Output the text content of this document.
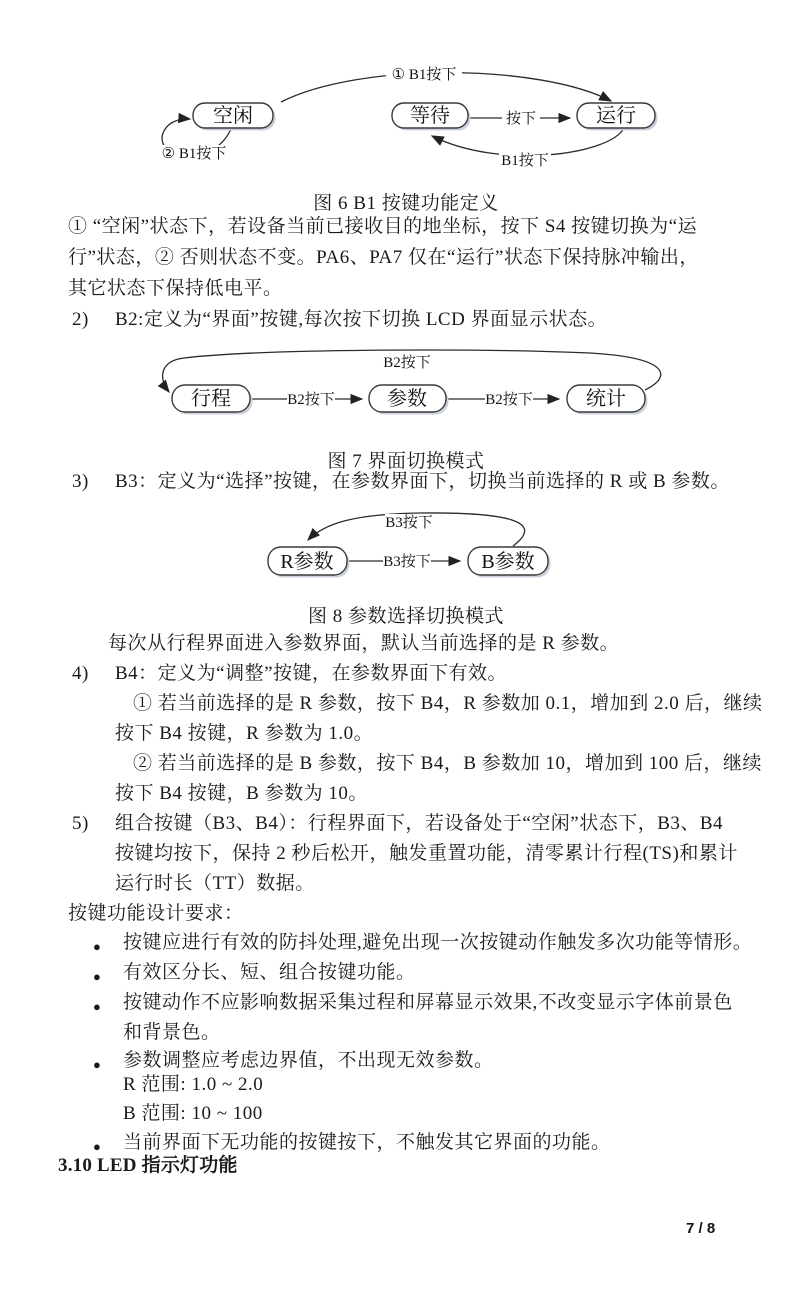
① B1按下
② B1按下
按下
B1按下
空闲	等待	运行
图 6 B1 按键功能定义
① “空闲”状态下，若设备当前已接收目的地坐标，按下 S4 按键切换为“运
行”状态，② 否则状态不变。PA6、PA7 仅在“运行”状态下保持脉冲输出，
其它状态下保持低电平。
2) B2:定义为“界面”按键,每次按下切换 LCD 界面显示状态。
B2按下
B2按下	B2按下
行程	参数	统计
图 7 界面切换模式
3) B3：定义为“选择”按键，在参数界面下，切换当前选择的 R 或 B 参数。
B3按下
B3按下
R参数	B参数
图 8 参数选择切换模式
每次从行程界面进入参数界面，默认当前选择的是 R 参数。
4) B4：定义为“调整”按键，在参数界面下有效。
① 若当前选择的是 R 参数，按下 B4，R 参数加 0.1，增加到 2.0 后，继续
按下 B4 按键，R 参数为 1.0。
② 若当前选择的是 B 参数，按下 B4，B 参数加 10，增加到 100 后，继续
按下 B4 按键，B 参数为 10。
5) 组合按键（B3、B4）：行程界面下，若设备处于“空闲”状态下，B3、B4
按键均按下，保持 2 秒后松开，触发重置功能，清零累计行程(TS)和累计
运行时长（TT）数据。
按键功能设计要求：
● 按键应进行有效的防抖处理,避免出现一次按键动作触发多次功能等情形。
● 有效区分长、短、组合按键功能。
● 按键动作不应影响数据采集过程和屏幕显示效果,不改变显示字体前景色
和背景色。
● 参数调整应考虑边界值，不出现无效参数。
R 范围: 1.0 ~ 2.0
B 范围: 10 ~ 100
● 当前界面下无功能的按键按下，不触发其它界面的功能。
3.10 LED 指示灯功能
7 / 8
